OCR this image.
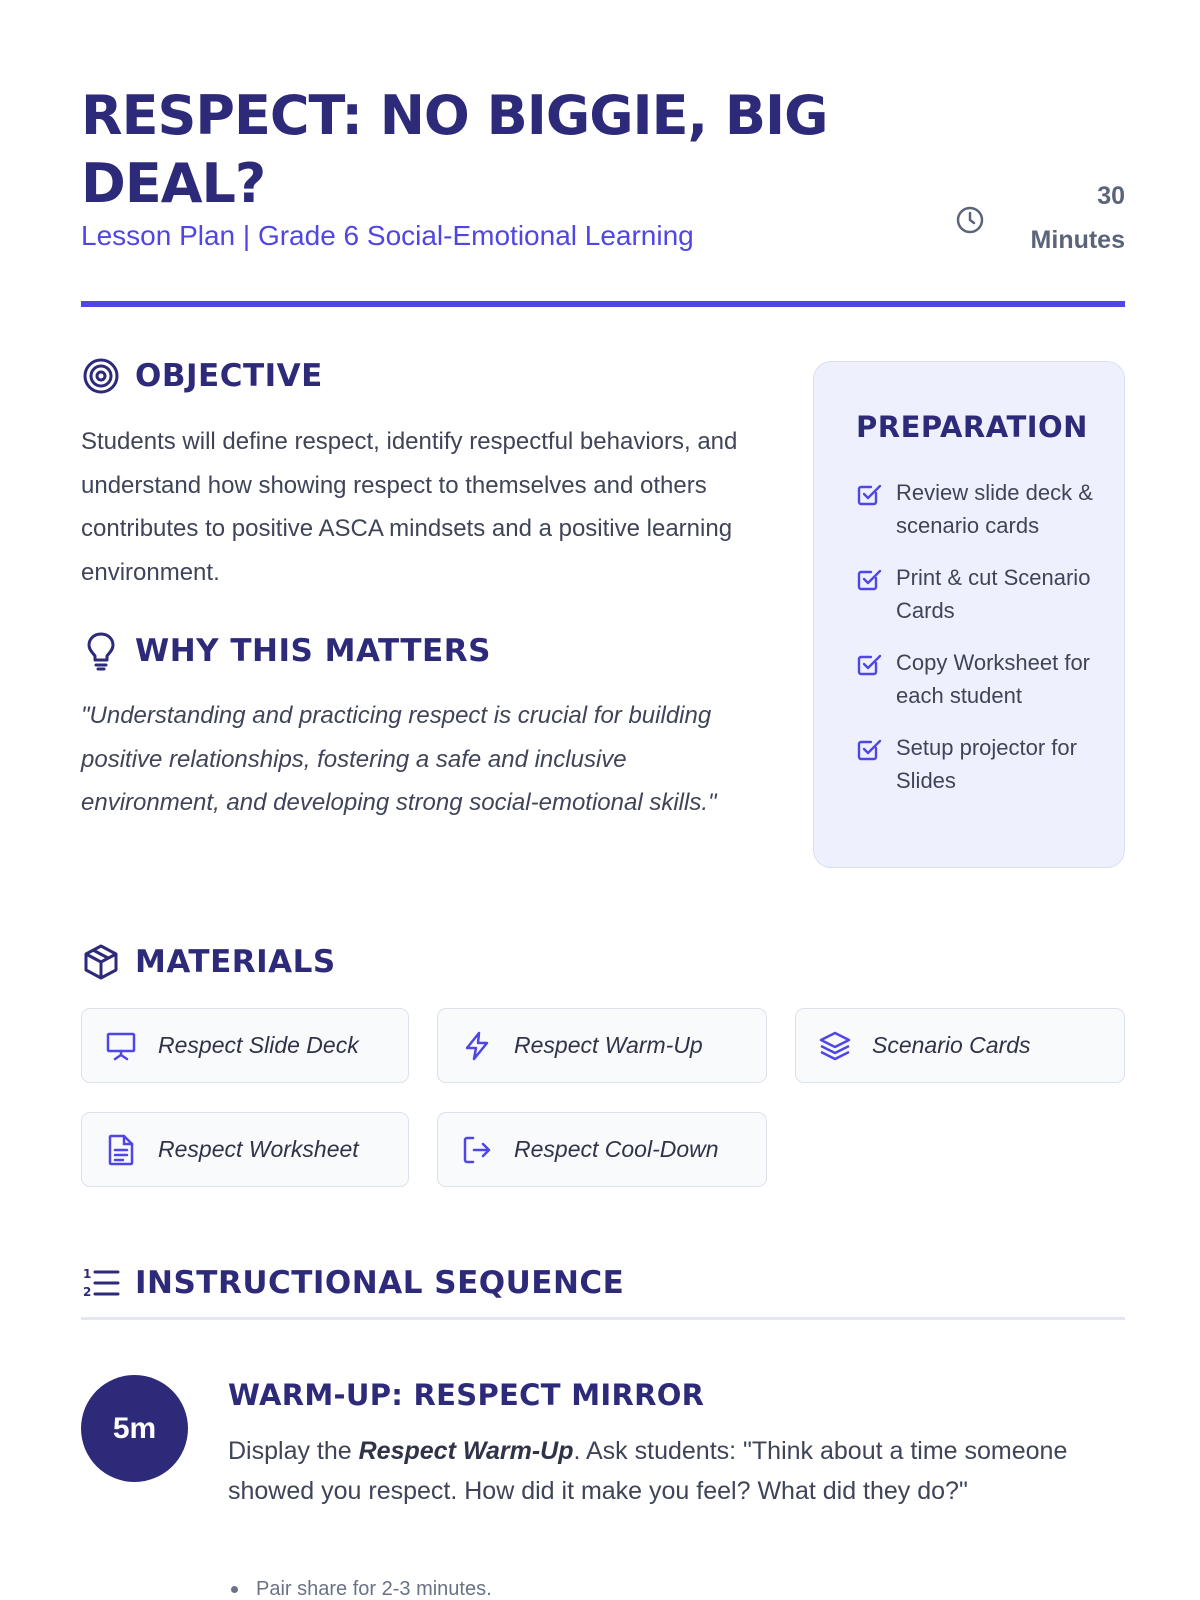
RESPECT: NO BIGGIE, BIG DEAL?
Lesson Plan | Grade 6 Social-Emotional Learning
30
Minutes
OBJECTIVE

Students will define respect, identify respectful behaviors, and understand how showing respect to themselves and others contributes to positive ASCA mindsets and a positive learning environment.

WHY THIS MATTERS

"Understanding and practicing respect is crucial for building positive relationships, fostering a safe and inclusive environment, and developing strong social-emotional skills."

PREPARATION
Review slide deck & scenario cards
Print & cut Scenario Cards
Copy Worksheet for each student
Setup projector for Slides
MATERIALS
Respect Slide Deck	Respect Warm-Up	Scenario Cards
Respect Worksheet	Respect Cool-Down
1
2 INSTRUCTIONAL SEQUENCE
5m
WARM-UP: RESPECT MIRROR

Display the Respect Warm-Up. Ask students: "Think about a time someone showed you respect. How did it make you feel? What did they do?"

Pair share for 2-3 minutes.
